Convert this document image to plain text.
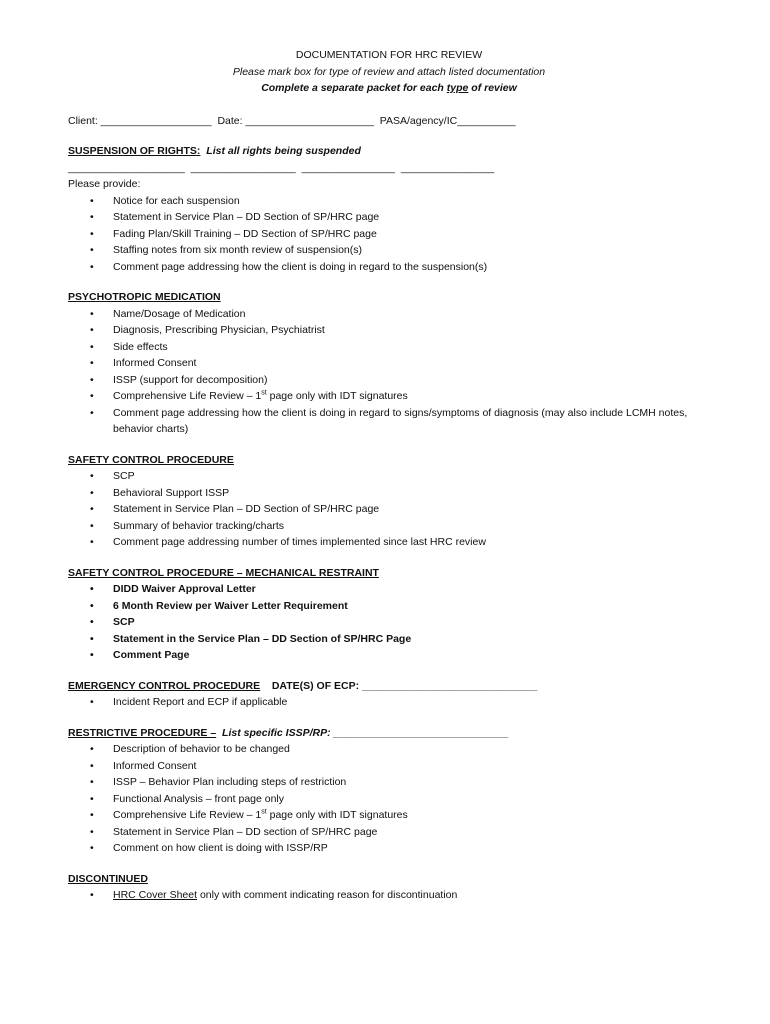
DOCUMENTATION FOR HRC REVIEW
Please mark box for type of review and attach listed documentation
Complete a separate packet for each type of review
Client: ___________________  Date: ______________________  PASA/agency/IC__________
SUSPENSION OF RIGHTS: List all rights being suspended
____________________  __________________  ________________  ________________
Please provide:
• Notice for each suspension
• Statement in Service Plan – DD Section of SP/HRC page
• Fading Plan/Skill Training – DD Section of SP/HRC page
• Staffing notes from six month review of suspension(s)
• Comment page addressing how the client is doing in regard to the suspension(s)
PSYCHOTROPIC MEDICATION
• Name/Dosage of Medication
• Diagnosis, Prescribing Physician, Psychiatrist
• Side effects
• Informed Consent
• ISSP (support for decomposition)
• Comprehensive Life Review – 1st page only with IDT signatures
• Comment page addressing how the client is doing in regard to signs/symptoms of diagnosis (may also include LCMH notes, behavior charts)
SAFETY CONTROL PROCEDURE
• SCP
• Behavioral Support ISSP
• Statement in Service Plan – DD Section of SP/HRC page
• Summary of behavior tracking/charts
• Comment page addressing number of times implemented since last HRC review
SAFETY CONTROL PROCEDURE – MECHANICAL RESTRAINT
• DIDD Waiver Approval Letter
• 6 Month Review per Waiver Letter Requirement
• SCP
• Statement in the Service Plan – DD Section of SP/HRC Page
• Comment Page
EMERGENCY CONTROL PROCEDURE DATE(S) OF ECP: ______________________________
• Incident Report and ECP if applicable
RESTRICTIVE PROCEDURE – List specific ISSP/RP: ______________________________
• Description of behavior to be changed
• Informed Consent
• ISSP – Behavior Plan including steps of restriction
• Functional Analysis – front page only
• Comprehensive Life Review – 1st page only with IDT signatures
• Statement in Service Plan – DD section of SP/HRC page
• Comment on how client is doing with ISSP/RP
DISCONTINUED
• HRC Cover Sheet only with comment indicating reason for discontinuation
